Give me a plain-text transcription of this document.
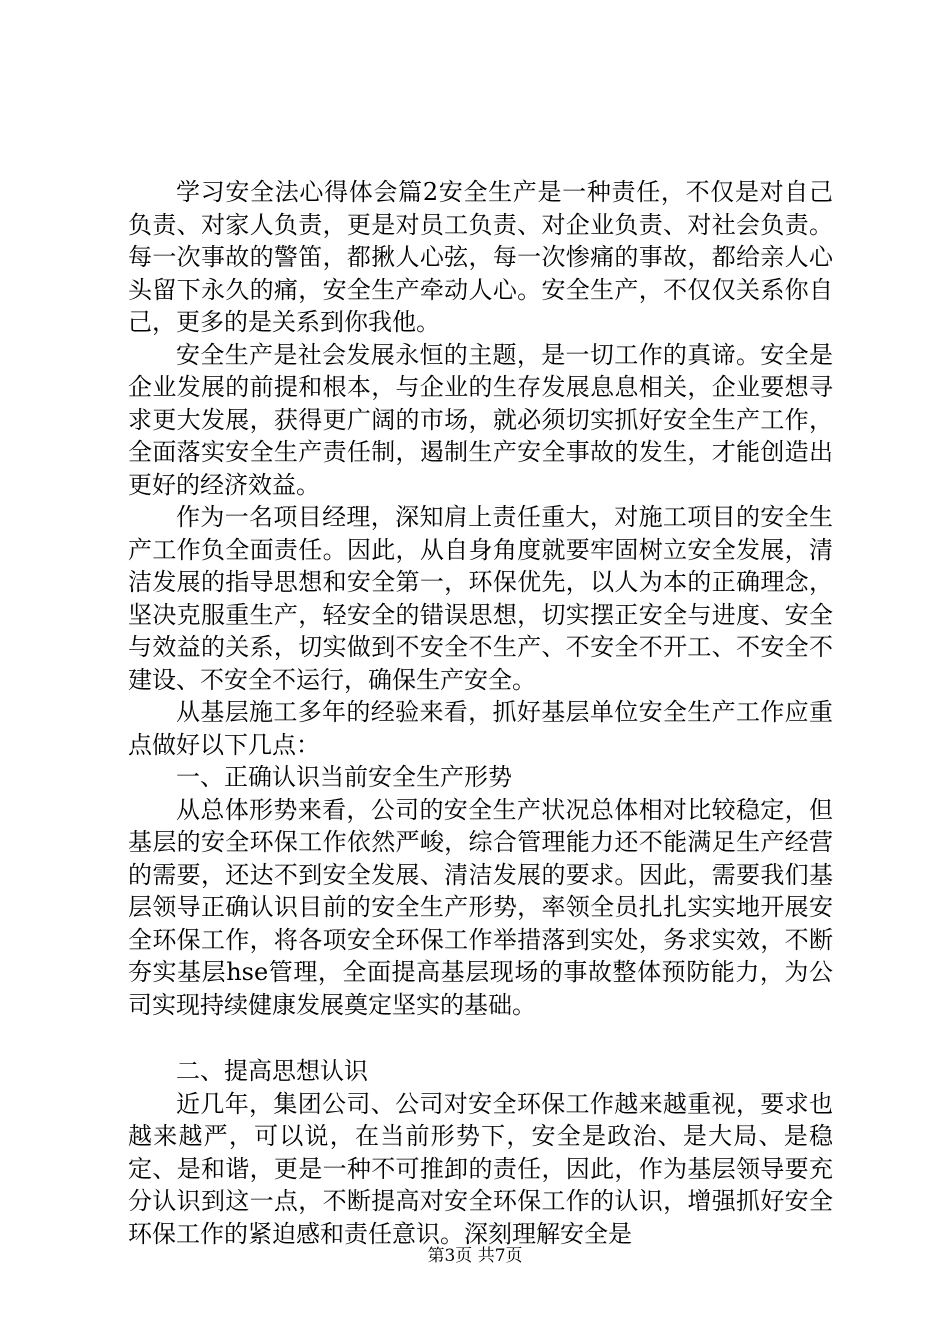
学习安全法心得体会篇2安全生产是一种责任，不仅是对自己负责、对家人负责，更是对员工负责、对企业负责、对社会负责。每一次事故的警笛，都揪人心弦，每一次惨痛的事故，都给亲人心头留下永久的痛，安全生产牵动人心。安全生产，不仅仅关系你自己，更多的是关系到你我他。

安全生产是社会发展永恒的主题，是一切工作的真谛。安全是企业发展的前提和根本，与企业的生存发展息息相关，企业要想寻求更大发展，获得更广阔的市场，就必须切实抓好安全生产工作，全面落实安全生产责任制，遏制生产安全事故的发生，才能创造出更好的经济效益。

作为一名项目经理，深知肩上责任重大，对施工项目的安全生产工作负全面责任。因此，从自身角度就要牢固树立安全发展，清洁发展的指导思想和安全第一，环保优先，以人为本的正确理念，坚决克服重生产，轻安全的错误思想，切实摆正安全与进度、安全与效益的关系，切实做到不安全不生产、不安全不开工、不安全不建设、不安全不运行，确保生产安全。

从基层施工多年的经验来看，抓好基层单位安全生产工作应重点做好以下几点：

一、正确认识当前安全生产形势

从总体形势来看，公司的安全生产状况总体相对比较稳定，但基层的安全环保工作依然严峻，综合管理能力还不能满足生产经营的需要，还达不到安全发展、清洁发展的要求。因此，需要我们基层领导正确认识目前的安全生产形势，率领全员扎扎实实地开展安全环保工作，将各项安全环保工作举措落到实处，务求实效，不断夯实基层hse管理，全面提高基层现场的事故整体预防能力，为公司实现持续健康发展奠定坚实的基础。

二、提高思想认识

近几年，集团公司、公司对安全环保工作越来越重视，要求也越来越严，可以说，在当前形势下，安全是政治、是大局、是稳定、是和谐，更是一种不可推卸的责任，因此，作为基层领导要充分认识到这一点，不断提高对安全环保工作的认识，增强抓好安全环保工作的紧迫感和责任意识。深刻理解安全是

第3页 共7页
